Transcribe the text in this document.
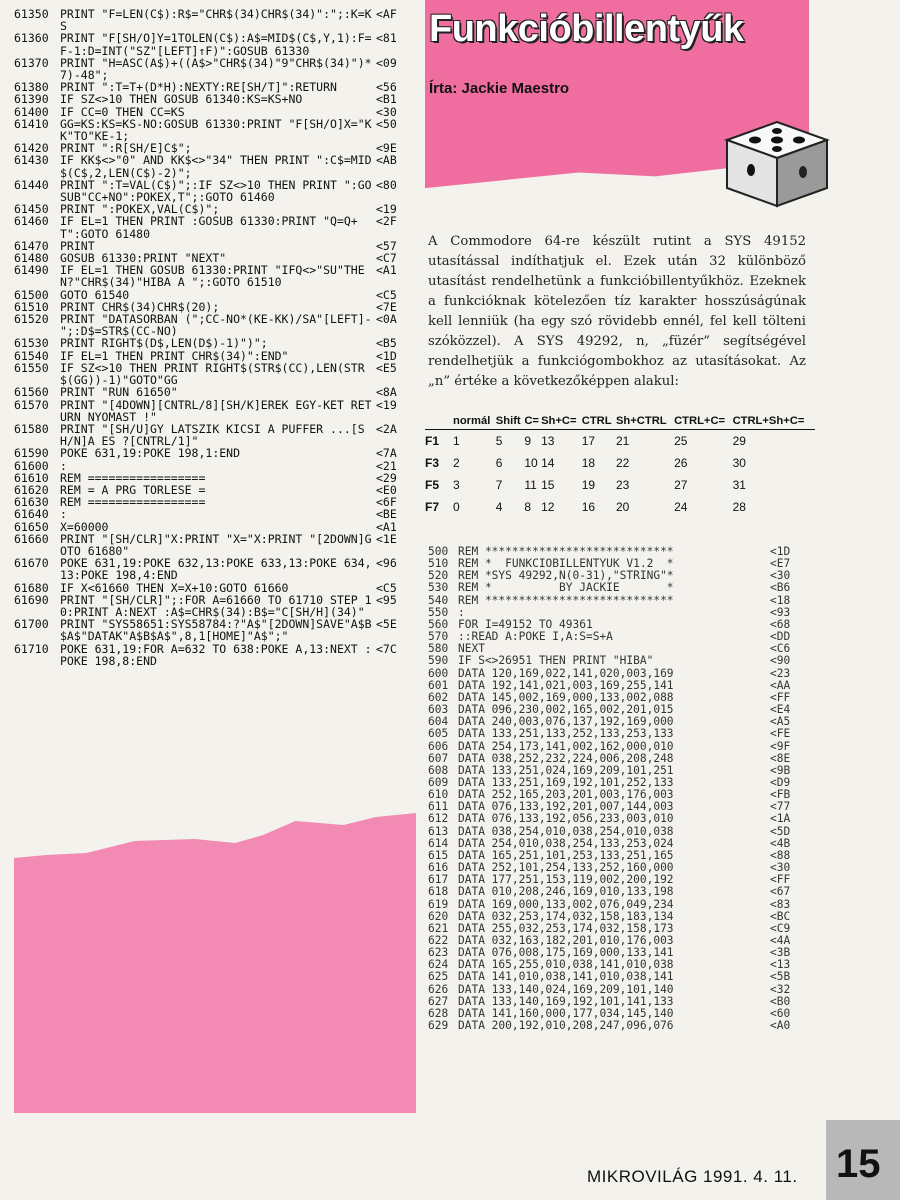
61350 PRINT "F=LEN(C$):R$="CHR$(34)CHR$(34)":";:K=KS
<AF
61360 PRINT "F[SH/O]Y=1TOLEN(C$):A$=MID$(C$,Y,1):F=F-1:D=INT("SZ"[LEFT]↑F)":GOSUB 61330
<81
61370 PRINT "H=ASC(A$)+((A$>"CHR$(34)"9"CHR$(34)")*7)-48";
<09
61380 PRINT ":T=T+(D*H):NEXTY:RE[SH/T]":RETURN	<56
61390 IF SZ<>10 THEN GOSUB 61340:KS=KS+NO	<B1
61400 IF CC=0 THEN CC=KS	<30
61410 GG=KS:KS=KS-NO:GOSUB 61330:PRINT "F[SH/O]X="KK"TO"KE-1;
<50
61420 PRINT ":R[SH/E]C$";	<9E
61430 IF KK$<>"0" AND KK$<>"34" THEN PRINT ":C$=MID$(C$,2,LEN(C$)-2)";
<AB
61440 PRINT ":T=VAL(C$)";:IF SZ<>10 THEN PRINT ":GOSUB"CC+NO":POKEX,T";:GOTO 61460
<80
61450 PRINT ":POKEX,VAL(C$)";	<19
61460 IF EL=1 THEN PRINT :GOSUB 61330:PRINT "Q=Q+T":GOTO 61480
<2F
61470 PRINT	<57
61480 GOSUB 61330:PRINT "NEXT"	<C7
61490 IF EL=1 THEN GOSUB 61330:PRINT "IFQ<>"SU"THEN?"CHR$(34)"HIBA A ";:GOTO 61510
<A1
61500 GOTO 61540	<C5
61510 PRINT CHR$(34)CHR$(20);	<7E
61520 PRINT "DATASORBAN (";CC-NO*(KE-KK)/SA"[LEFT]-";:D$=STR$(CC-NO)
<0A
61530 PRINT RIGHT$(D$,LEN(D$)-1)")";	<B5
61540 IF EL=1 THEN PRINT CHR$(34)":END"	<1D
61550 IF SZ<>10 THEN PRINT RIGHT$(STR$(CC),LEN(STR$(GG))-1)"GOTO"GG
<E5
61560 PRINT "RUN 61650"	<8A
61570 PRINT "[4DOWN][CNTRL/8][SH/K]EREK EGY-KET RETURN NYOMAST !"
<19
61580 PRINT "[SH/U]GY LATSZIK KICSI A PUFFER ...[SH/N]A ES ?[CNTRL/1]"
<2A
61590 POKE 631,19:POKE 198,1:END	<7A
61600 :	<21
61610 REM =================	<29
61620 REM = A PRG TORLESE =	<E0
61630 REM =================	<6F
61640 :	<BE
61650 X=60000	<A1
61660 PRINT "[SH/CLR]"X:PRINT "X="X:PRINT "[2DOWN]GOTO 61680"
<1E
61670 POKE 631,19:POKE 632,13:POKE 633,13:POKE 634,13:POKE 198,4:END
<96
61680 IF X<61660 THEN X=X+10:GOTO 61660	<C5
61690 PRINT "[SH/CLR]";:FOR A=61660 TO 61710 STEP 10:PRINT A:NEXT :A$=CHR$(34):B$="C[SH/H](34)"
<95
61700 PRINT "SYS58651:SYS58784:?"A$"[2DOWN]SAVE"A$B$A$"DATAK"A$B$A$",8,1[HOME]"A$";"
<5E
61710 POKE 631,19:FOR A=632 TO 638:POKE A,13:NEXT :POKE 198,8:END
<7C
Funkcióbillentyűk
Írta: Jackie Maestro

A Commodore 64-re készült rutint a SYS 49152 utasítással indíthatjuk el. Ezek után 32 különböző utasítást rendelhetünk a funkcióbillentyűkhöz. Ezeknek a funkcióknak kötelezően tíz karakter hosszúságúnak kell lenniük (ha egy szó rövidebb ennél, fel kell tölteni szóközzel). A SYS 49292, n, „füzér” segítségével rendelhetjük a funkciógombokhoz az utasításokat. Az „n” értéke a következőképpen alakul:

	normál	Shift	C=	Sh+C=	CTRL	Sh+CTRL	CTRL+C=	CTRL+Sh+C=
F1	1	5	9	13	17	21	25	29
F3	2	6	10	14	18	22	26	30
F5	3	7	11	15	19	23	27	31
F7	0	4	8	12	16	20	24	28
500 REM ****************************	<1D
510 REM *  FUNKCIOBILLENTYUK V1.2  *	<E7
520 REM *SYS 49292,N(0-31),"STRING"*	<30
530 REM *          BY JACKIE       *	<B6
540 REM ****************************	<18
550 :	<93
560 FOR I=49152 TO 49361	<68
570 ::READ A:POKE I,A:S=S+A	<DD
580 NEXT	<C6
590 IF S<>26951 THEN PRINT "HIBA"	<90
600 DATA 120,169,022,141,020,003,169	<23
601 DATA 192,141,021,003,169,255,141	<AA
602 DATA 145,002,169,000,133,002,088	<FF
603 DATA 096,230,002,165,002,201,015	<E4
604 DATA 240,003,076,137,192,169,000	<A5
605 DATA 133,251,133,252,133,253,133	<FE
606 DATA 254,173,141,002,162,000,010	<9F
607 DATA 038,252,232,224,006,208,248	<8E
608 DATA 133,251,024,169,209,101,251	<9B
609 DATA 133,251,169,192,101,252,133	<D9
610 DATA 252,165,203,201,003,176,003	<FB
611 DATA 076,133,192,201,007,144,003	<77
612 DATA 076,133,192,056,233,003,010	<1A
613 DATA 038,254,010,038,254,010,038	<5D
614 DATA 254,010,038,254,133,253,024	<4B
615 DATA 165,251,101,253,133,251,165	<88
616 DATA 252,101,254,133,252,160,000	<30
617 DATA 177,251,153,119,002,200,192	<FF
618 DATA 010,208,246,169,010,133,198	<67
619 DATA 169,000,133,002,076,049,234	<83
620 DATA 032,253,174,032,158,183,134	<BC
621 DATA 255,032,253,174,032,158,173	<C9
622 DATA 032,163,182,201,010,176,003	<4A
623 DATA 076,008,175,169,000,133,141	<3B
624 DATA 165,255,010,038,141,010,038	<13
625 DATA 141,010,038,141,010,038,141	<5B
626 DATA 133,140,024,169,209,101,140	<32
627 DATA 133,140,169,192,101,141,133	<B0
628 DATA 141,160,000,177,034,145,140	<60
629 DATA 200,192,010,208,247,096,076	<A0
MIKROVILÁG 1991. 4. 11. 15
